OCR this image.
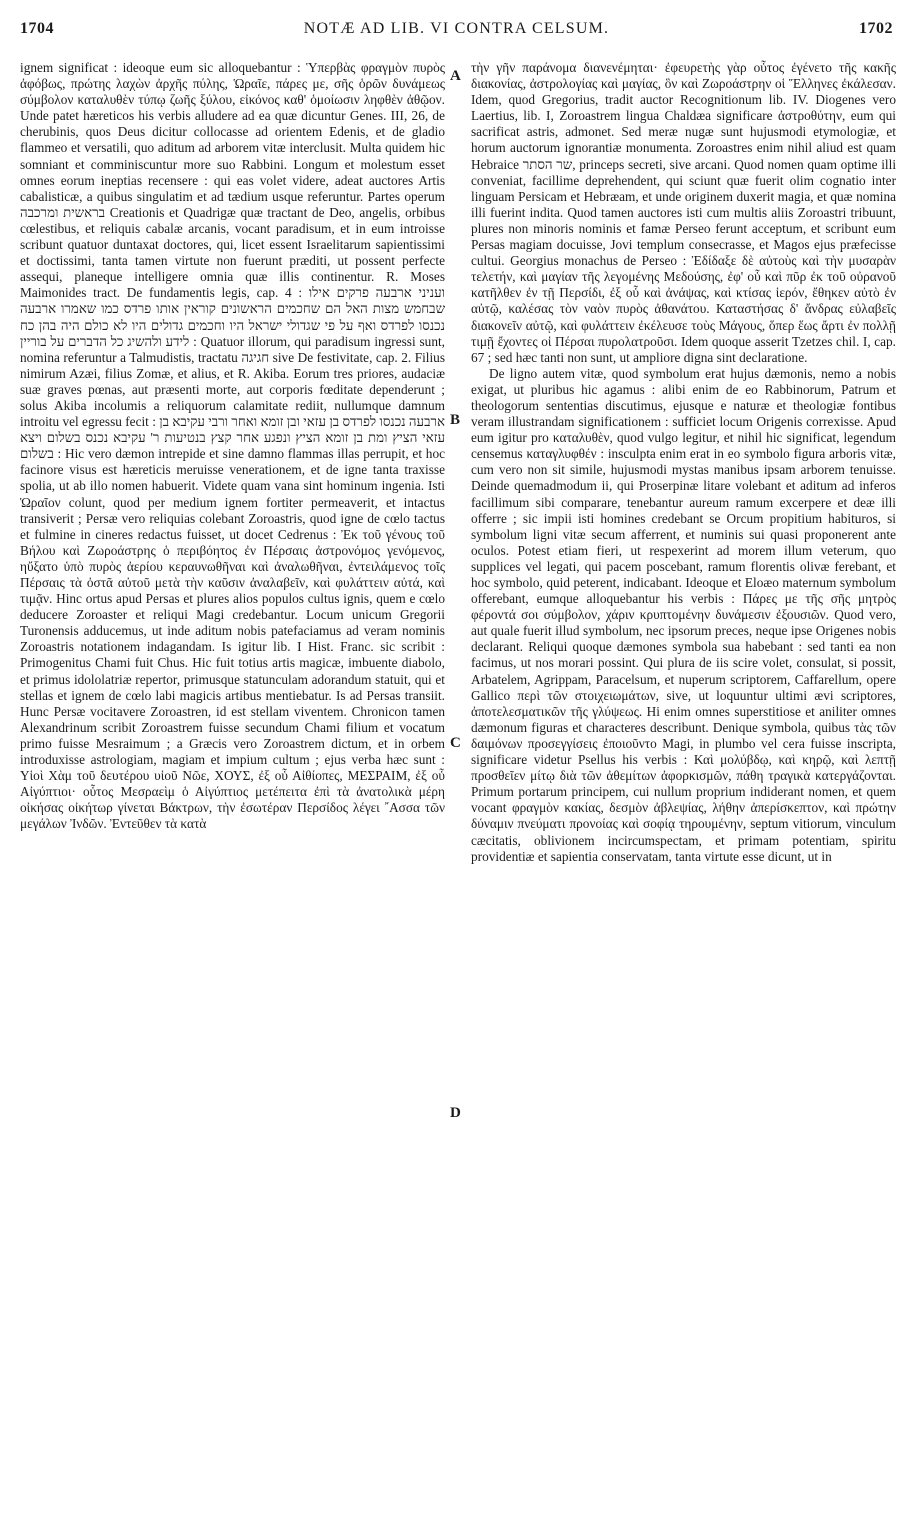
1704	NOTÆ AD LIB. VI CONTRA CELSUM.	1702

ignem significat : ideoque eum sic alloquebantur : Ὑπερβὰς φραγμὸν πυρὸς ἀφόβως, πρώτης λαχὼν ἀρχῆς πύλης, Ὡραῖε, πάρες με, σῆς ὁρῶν δυνάμεως σύμβολον καταλυθὲν τύπῳ ζωῆς ξύλου, εἰκόνος καθ' ὁμοίωσιν ληφθὲν ἀθῷον. Unde patet hæreticos his verbis alludere ad ea quæ dicuntur Genes. III, 26, de cherubinis, quos Deus dicitur collocasse ad orientem Edenis, et de gladio flammeo et versatili, quo aditum ad arborem vitæ interclusit. Multa quidem hic somniant et comminiscuntur more suo Rabbini. Longum et molestum esset omnes eorum ineptias recensere : qui eas volet videre, adeat auctores Artis cabalisticæ, a quibus singulatim et ad tædium usque referuntur. Partes operum בראשית ומרכבה Creationis et Quadrigæ quæ tractant de Deo, angelis, orbibus cœlestibus, et reliquis cabalæ arcanis, vocant paradisum, et in eum introisse scribunt quatuor duntaxat doctores, qui, licet essent Israelitarum sapientissimi et doctissimi, tanta tamen virtute non fuerunt præditi, ut possent perfecte assequi, planeque intelligere omnia quæ illis continentur. R. Moses Maimonides tract. De fundamentis legis, cap. 4 : ועניני ארבעה פרקים אילו שבחמש מצות האל הם שחכמים הראשונים קוראין אותו פרדס כמו שאמרו ארבעה נכנסו לפרדס ואף על פי שגדולי ישראל היו וחכמים גדולים היו לא כולם היה בהן כח לידע ולהשיג כל הדברים על בוריין : Quatuor illorum, qui paradisum ingressi sunt, nomina referuntur a Talmudistis, tractatu חגיגה sive De festivitate, cap. 2. Filius nimirum Azæi, filius Zomæ, et alius, et R. Akiba. Eorum tres priores, audaciæ suæ graves pœnas, aut præsenti morte, aut corporis fœditate dependerunt ; solus Akiba incolumis a reliquorum calamitate rediit, nullumque damnum introitu vel egressu fecit : ארבעה נכנסו לפרדס בן עזאי ובן זומא ואחר ורבי עקיבא בן עזאי הציץ ומת בן זומא הציץ ונפגע אחר קצץ בנטיעות ר' עקיבא נכנס בשלום ויצא בשלום : Hic vero dæmon intrepide et sine damno flammas illas perrupit, et hoc facinore visus est hæreticis meruisse venerationem, et de igne tanta traxisse spolia, ut ab illo nomen habuerit. Videte quam vana sint hominum ingenia. Isti Ὡραῖον colunt, quod per medium ignem fortiter permeaverit, et intactus transiverit ; Persæ vero reliquias colebant Zoroastris, quod igne de cœlo tactus et fulmine in cineres redactus fuisset, ut docet Cedrenus : Ἐκ τοῦ γένους τοῦ Βήλου καὶ Ζωροάστρης ὁ περιβόητος ἐν Πέρσαις ἀστρονόμος γενόμενος, ηὔξατο ὑπὸ πυρὸς ἀερίου κεραυνωθῆναι καὶ ἀναλωθῆναι, ἐντειλάμενος τοῖς Πέρσαις τὰ ὀστᾶ αὐτοῦ μετὰ τὴν καῦσιν ἀναλαβεῖν, καὶ φυλάττειν αὐτά, καὶ τιμᾷν. Hinc ortus apud Persas et plures alios populos cultus ignis, quem e cœlo deducere Zoroaster et reliqui Magi credebantur. Locum unicum Gregorii Turonensis adducemus, ut inde aditum nobis patefaciamus ad veram nominis Zoroastris notationem indagandam. Is igitur lib. I Hist. Franc. sic scribit : Primogenitus Chami fuit Chus. Hic fuit totius artis magicæ, imbuente diabolo, et primus idololatriæ repertor, primusque statunculam adorandum statuit, qui et stellas et ignem de cœlo labi magicis artibus mentiebatur. Is ad Persas transiit. Hunc Persæ vocitavere Zoroastren, id est stellam viventem. Chronicon tamen Alexandrinum scribit Zoroastrem fuisse secundum Chami filium et vocatum primo fuisse Mesraimum ; a Græcis vero Zoroastrem dictum, et in orbem introduxisse astrologiam, magiam et impium cultum ; ejus verba hæc sunt : Υἱοὶ Χὰμ τοῦ δευτέρου υἱοῦ Νῶε, ΧΟΥΣ, ἐξ οὗ Αἰθίοπες, ΜΕΣΡΑΙΜ, ἐξ οὗ Αἰγύπτιοι· οὗτος Μεσραεὶμ ὁ Αἰγύπτιος μετέπειτα ἐπὶ τὰ ἀνατολικὰ μέρη οἰκήσας οἰκήτωρ γίνεται Βάκτρων, τὴν ἐσωτέραν Περσίδος λέγει ῎Ασσα τῶν μεγάλων Ἰνδῶν. Ἐντεῦθεν τὰ κατὰ

τὴν γῆν παράνομα διανενέμηται· ἐφευρετὴς γὰρ οὗτος ἐγένετο τῆς κακῆς διακονίας, ἀστρολογίας καὶ μαγίας, ὃν καὶ Ζωροάστρην οἱ Ἕλληνες ἐκάλεσαν. Idem, quod Gregorius, tradit auctor Recognitionum lib. IV. Diogenes vero Laertius, lib. I, Zoroastrem lingua Chaldæa significare ἀστροθύτην, eum qui sacrificat astris, admonet. Sed meræ nugæ sunt hujusmodi etymologiæ, et horum auctorum ignorantiæ monumenta. Zoroastres enim nihil aliud est quam Hebraice שר הסתר, princeps secreti, sive arcani. Quod nomen quam optime illi conveniat, facillime deprehendent, qui sciunt quæ fuerit olim cognatio inter linguam Persicam et Hebræam, et unde originem duxerit magia, et quæ nomina illi fuerint indita. Quod tamen auctores isti cum multis aliis Zoroastri tribuunt, plures non minoris nominis et famæ Perseo ferunt acceptum, et scribunt eum Persas magiam docuisse, Jovi templum consecrasse, et Magos ejus præfecisse cultui. Georgius monachus de Perseo : Ἐδίδαξε δὲ αὐτοὺς καὶ τὴν μυσαρὰν τελετήν, καὶ μαγίαν τῆς λεγομένης Μεδούσης, ἐφ' οὗ καὶ πῦρ ἐκ τοῦ οὐρανοῦ κατῆλθεν ἐν τῇ Περσίδι, ἐξ οὗ καὶ ἀνάψας, καὶ κτίσας ἱερόν, ἔθηκεν αὐτὸ ἐν αὐτῷ, καλέσας τὸν ναὸν πυρὸς ἀθανάτου. Καταστήσας δ' ἄνδρας εὐλαβεῖς διακονεῖν αὐτῷ, καὶ φυλάττειν ἐκέλευσε τοὺς Μάγους, ὅπερ ἕως ἄρτι ἐν πολλῇ τιμῇ ἔχοντες οἱ Πέρσαι πυρολατροῦσι. Idem quoque asserit Tzetzes chil. I, cap. 67 ; sed hæc tanti non sunt, ut ampliore digna sint declaratione.

De ligno autem vitæ, quod symbolum erat hujus dæmonis, nemo a nobis exigat, ut pluribus hic agamus : alibi enim de eo Rabbinorum, Patrum et theologorum sententias discutimus, ejusque e naturæ et theologiæ fontibus veram illustrandam significationem : sufficiet locum Origenis correxisse. Apud eum igitur pro καταλυθὲν, quod vulgo legitur, et nihil hic significat, legendum censemus καταγλυφθέν : insculpta enim erat in eo symbolo figura arboris vitæ, cum vero non sit simile, hujusmodi mystas manibus ipsam arborem tenuisse. Deinde quemadmodum ii, qui Proserpinæ litare volebant et aditum ad inferos facillimum sibi comparare, tenebantur aureum ramum excerpere et deæ illi offerre ; sic impii isti homines credebant se Orcum propitium habituros, si symbolum ligni vitæ secum afferrent, et numinis sui quasi proponerent ante oculos. Potest etiam fieri, ut respexerint ad morem illum veterum, quo supplices vel legati, qui pacem poscebant, ramum florentis olivæ ferebant, et hoc symbolo, quid peterent, indicabant. Ideoque et Eloæo maternum symbolum offerebant, eumque alloquebantur his verbis : Πάρες με τῆς σῆς μητρὸς φέροντά σοι σύμβολον, χάριν κρυπτομένην δυνάμεσιν ἐξουσιῶν. Quod vero, aut quale fuerit illud symbolum, nec ipsorum preces, neque ipse Origenes nobis declarant. Reliqui quoque dæmones symbola sua habebant : sed tanti ea non facimus, ut nos morari possint. Qui plura de iis scire volet, consulat, si possit, Arbatelem, Agrippam, Paracelsum, et nuperum scriptorem, Caffarellum, opere Gallico περὶ τῶν στοιχειωμάτων, sive, ut loquuntur ultimi ævi scriptores, ἀποτελεσματικῶν τῆς γλύψεως. Hi enim omnes superstitiose et aniliter omnes dæmonum figuras et characteres describunt. Denique symbola, quibus τὰς τῶν δαιμόνων προσεγγίσεις ἐποιοῦντο Magi, in plumbo vel cera fuisse inscripta, significare videtur Psellus his verbis : Καὶ μολύβδῳ, καὶ κηρῷ, καὶ λεπτῇ προσθεῖεν μίτῳ διὰ τῶν ἀθεμίτων ἀφορκισμῶν, πάθη τραγικὰ κατεργάζονται. Primum portarum principem, cui nullum proprium indiderant nomen, et quem vocant φραγμὸν κακίας, δεσμὸν ἀβλεψίας, λήθην ἀπερίσκεπτον, καὶ πρώτην δύναμιν πνεύματι προνοίας καὶ σοφίᾳ τηρουμένην, septum vitiorum, vinculum cæcitatis, oblivionem incircumspectam, et primam potentiam, spiritu providentiæ et sapientia conservatam, tanta virtute esse dicunt, ut in

A
B
C
D
